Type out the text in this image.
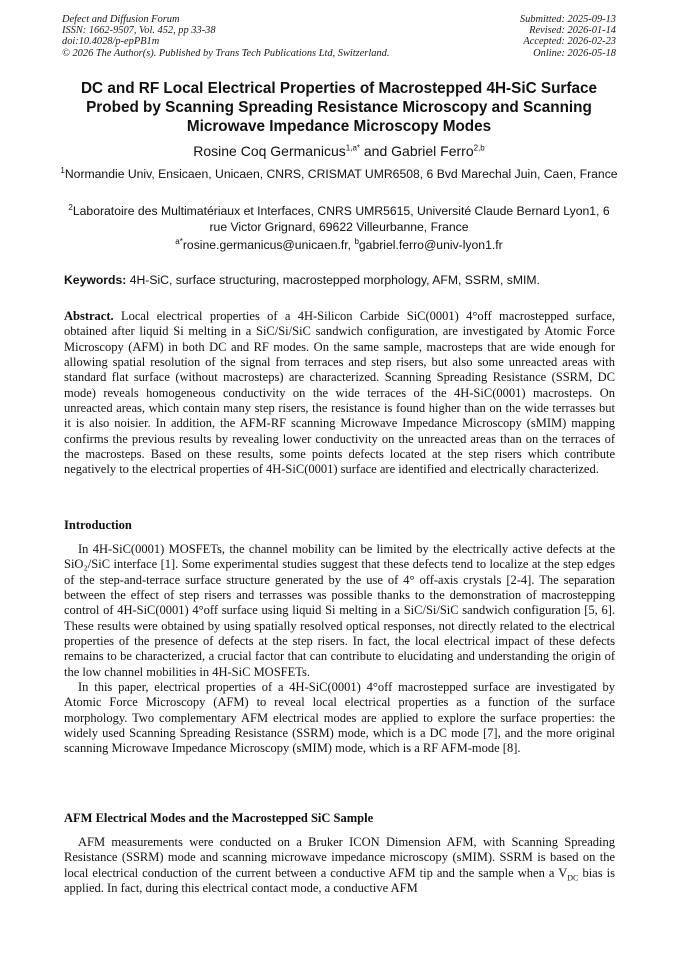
Defect and Diffusion Forum
ISSN: 1662-9507, Vol. 452, pp 33-38
doi:10.4028/p-epPB1m
© 2026 The Author(s). Published by Trans Tech Publications Ltd, Switzerland.
Submitted: 2025-09-13
Revised: 2026-01-14
Accepted: 2026-02-23
Online: 2026-05-18
DC and RF Local Electrical Properties of Macrostepped 4H-SiC Surface Probed by Scanning Spreading Resistance Microscopy and Scanning Microwave Impedance Microscopy Modes
Rosine Coq Germanicus$^{1,a*}$ and Gabriel Ferro$^{2,b}$
$^1$Normandie Univ, Ensicaen, Unicaen, CNRS, CRISMAT UMR6508, 6 Bvd Marechal Juin, Caen, France
$^2$Laboratoire des Multimatériaux et Interfaces, CNRS UMR5615, Université Claude Bernard Lyon1, 6 rue Victor Grignard, 69622 Villeurbanne, France
$^{a*}$rosine.germanicus@unicaen.fr, $^b$gabriel.ferro@univ-lyon1.fr
Keywords: 4H-SiC, surface structuring, macrostepped morphology, AFM, SSRM, sMIM.
Abstract. Local electrical properties of a 4H-Silicon Carbide SiC(0001) 4°off macrostepped surface, obtained after liquid Si melting in a SiC/Si/SiC sandwich configuration, are investigated by Atomic Force Microscopy (AFM) in both DC and RF modes. On the same sample, macrosteps that are wide enough for allowing spatial resolution of the signal from terraces and step risers, but also some unreacted areas with standard flat surface (without macrosteps) are characterized. Scanning Spreading Resistance (SSRM, DC mode) reveals homogeneous conductivity on the wide terraces of the 4H-SiC(0001) macrosteps. On unreacted areas, which contain many step risers, the resistance is found higher than on the wide terrasses but it is also noisier. In addition, the AFM-RF scanning Microwave Impedance Microscopy (sMIM) mapping confirms the previous results by revealing lower conductivity on the unreacted areas than on the terraces of the macrosteps. Based on these results, some points defects located at the step risers which contribute negatively to the electrical properties of 4H-SiC(0001) surface are identified and electrically characterized.
Introduction

In 4H-SiC(0001) MOSFETs, the channel mobility can be limited by the electrically active defects at the SiO₂/SiC interface [1]. Some experimental studies suggest that these defects tend to localize at the step edges of the step-and-terrace surface structure generated by the use of 4° off-axis crystals [2-4]. The separation between the effect of step risers and terrasses was possible thanks to the demonstration of macrostepping control of 4H-SiC(0001) 4°off surface using liquid Si melting in a SiC/Si/SiC sandwich configuration [5, 6]. These results were obtained by using spatially resolved optical responses, not directly related to the electrical properties of the presence of defects at the step risers. In fact, the local electrical impact of these defects remains to be characterized, a crucial factor that can contribute to elucidating and understanding the origin of the low channel mobilities in 4H-SiC MOSFETs.

In this paper, electrical properties of a 4H-SiC(0001) 4°off macrostepped surface are investigated by Atomic Force Microscopy (AFM) to reveal local electrical properties as a function of the surface morphology. Two complementary AFM electrical modes are applied to explore the surface properties: the widely used Scanning Spreading Resistance (SSRM) mode, which is a DC mode [7], and the more original scanning Microwave Impedance Microscopy (sMIM) mode, which is a RF AFM-mode [8].

AFM Electrical Modes and the Macrostepped SiC Sample

AFM measurements were conducted on a Bruker ICON Dimension AFM, with Scanning Spreading Resistance (SSRM) mode and scanning microwave impedance microscopy (sMIM). SSRM is based on the local electrical conduction of the current between a conductive AFM tip and the sample when a $V_{DC}$ bias is applied. In fact, during this electrical contact mode, a conductive AFM
